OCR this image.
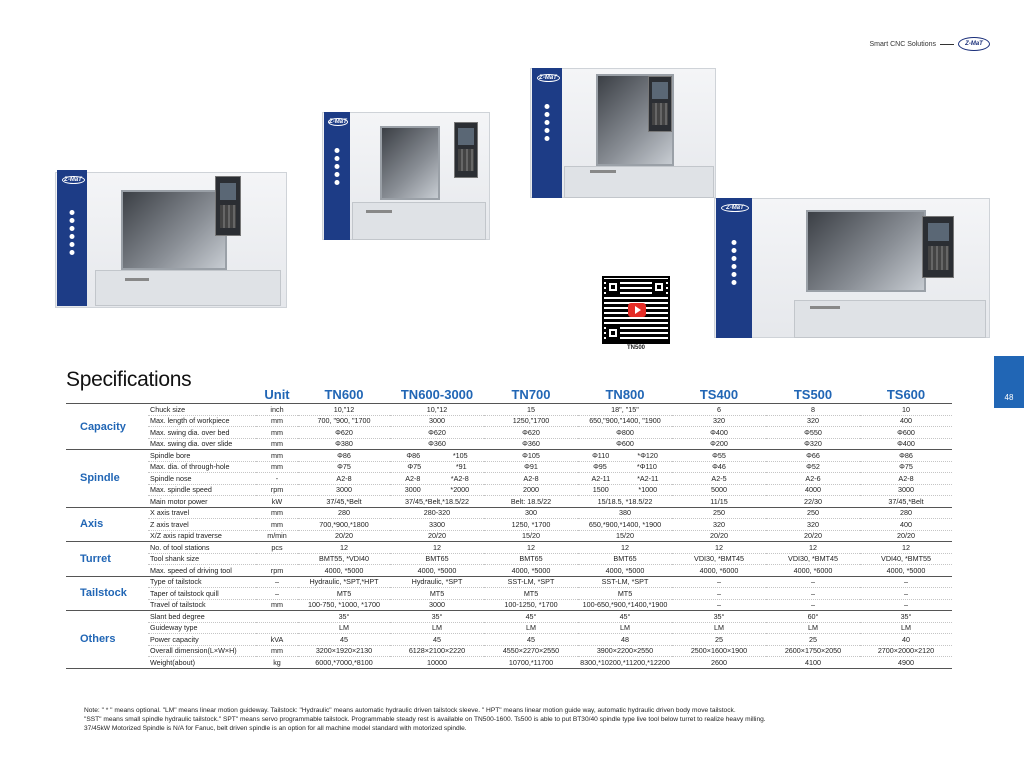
Smart CNC Solutions	Z-MaT
48
Z-MaT
Z-MaT
Z-MaT
Z-MaT
TN500
Specifications
		Unit	TN600	TN600-3000	TN700	TN800	TS400	TS500	TS600
Capacity	Chuck size	inch	10,"12	10,"12	15	18", "15"	6	8	10
	Max. length of workpiece	mm	700, "900, "1700	3000	1250,"1700	650,"900,"1400, "1900	320	320	400
	Max. swing dia. over bed	mm	Φ620	Φ620	Φ620	Φ800	Φ400	Φ550	Φ600
	Max. swing dia. over slide	mm	Φ380	Φ360	Φ360	Φ600	Φ200	Φ320	Φ400
Spindle	Spindle bore	mm	Φ86	Φ86 *105	Φ105	Φ110 *Φ120	Φ55	Φ66	Φ86
	Max. dia. of through-hole	mm	Φ75	Φ75 *91	Φ91	Φ95 *Φ110	Φ46	Φ52	Φ75
	Spindle nose	-	A2-8	A2-8 *A2-8	A2-8	A2-11 *A2-11	A2-5	A2-6	A2-8
	Max. spindle speed	rpm	3000	3000 *2000	2000	1500 *1000	5000	4000	3000
	Main motor power	kW	37/45,*Belt	37/45,*Belt,*18.5/22	Belt: 18.5/22	15/18.5, *18.5/22	11/15	22/30	37/45,*Belt
Axis	X axis travel	mm	280	280-320	300	380	250	250	280
	Z axis travel	mm	700,*900,*1800	3300	1250, *1700	650,*900,*1400, *1900	320	320	400
	X/Z axis rapid traverse	m/min	20/20	20/20	15/20	15/20	20/20	20/20	20/20
Turret	No. of tool stations	pcs	12	12	12	12	12	12	12
	Tool shank size		BMT55, *VDI40	BMT65	BMT65	BMT65	VDI30, *BMT45	VDI30, *BMT45	VDI40, *BMT55
	Max. speed of driving tool	rpm	4000, *5000	4000, *5000	4000, *5000	4000, *5000	4000, *6000	4000, *6000	4000, *5000
Tailstock	Type of tailstock	–	Hydraulic, *SPT,*HPT	Hydraulic, *SPT	SST-LM, *SPT	SST-LM, *SPT	–	–	–
	Taper of tailstock quill	–	MT5	MT5	MT5	MT5	–	–	–
	Travel of tailstock	mm	100-750, *1000, *1700	3000	100-1250, *1700	100-650,*900,*1400,*1900	–	–	–
Others	Slant bed degree		35°	35°	45°	45°	35°	60°	35°
	Guideway type		LM	LM	LM	LM	LM	LM	LM
	Power capacity	kVA	45	45	45	48	25	25	40
	Overall dimension(L×W×H)	mm	3200×1920×2130	6128×2100×2220	4550×2270×2550	3900×2200×2550	2500×1600×1900	2600×1750×2050	2700×2000×2120
	Weight(about)	kg	6000,*7000,*8100	10000	10700,*11700	8300,*10200,*11200,*12200	2600	4100	4900
Note: " * " means optional. "LM" means linear motion guideway. Tailstock: "Hydraulic" means automatic hydraulic driven tailstock sleeve. " HPT" means linear motion guide way, automatic hydraulic driven body move tailstock.
"SST" means small spindle hydraulic tailstock." SPT" means servo programmable tailstock. Programmable steady rest is available on TN500-1600. Ts500 is able to put BT30/40 spindle type live tool below turret to realize heavy milling.
37/45kW Motorized Spindle is N/A for Fanuc, belt driven spindle is an option for all machine model standard with motorized spindle.
